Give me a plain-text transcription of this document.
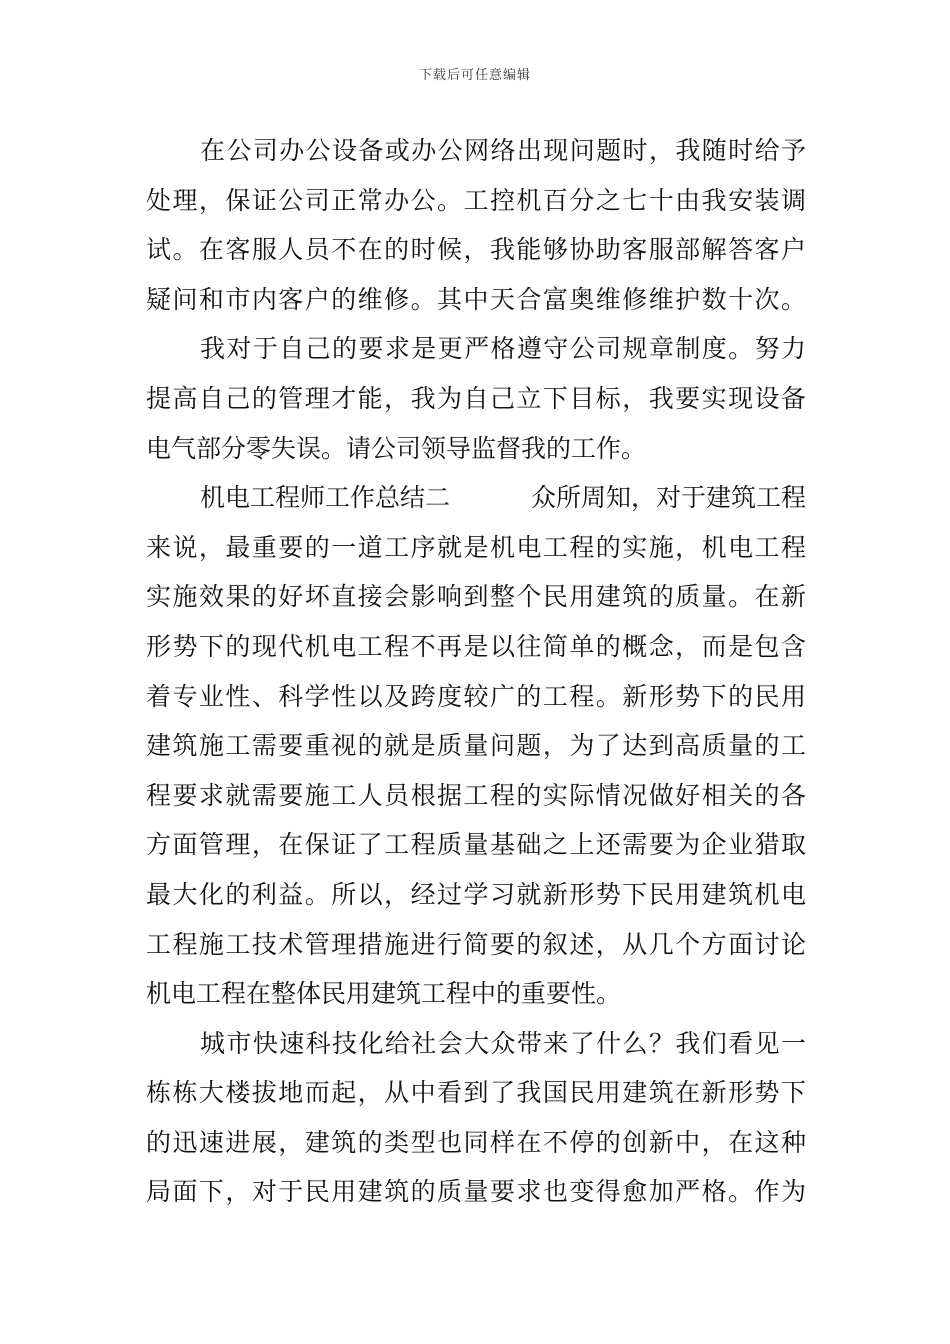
下载后可任意编辑
在公司办公设备或办公网络出现问题时，我随时给予
处理，保证公司正常办公。工控机百分之七十由我安装调
试。在客服人员不在的时候，我能够协助客服部解答客户
疑问和市内客户的维修。其中天合富奥维修维护数十次。
我对于自己的要求是更严格遵守公司规章制度。努力
提高自己的管理才能，我为自己立下目标，我要实现设备
电气部分零失误。请公司领导监督我的工作。
机电工程师工作总结二	众所周知，对于建筑工程
来说，最重要的一道工序就是机电工程的实施，机电工程
实施效果的好坏直接会影响到整个民用建筑的质量。在新
形势下的现代机电工程不再是以往简单的概念，而是包含
着专业性、科学性以及跨度较广的工程。新形势下的民用
建筑施工需要重视的就是质量问题，为了达到高质量的工
程要求就需要施工人员根据工程的实际情况做好相关的各
方面管理，在保证了工程质量基础之上还需要为企业猎取
最大化的利益。所以，经过学习就新形势下民用建筑机电
工程施工技术管理措施进行简要的叙述，从几个方面讨论
机电工程在整体民用建筑工程中的重要性。
城市快速科技化给社会大众带来了什么？我们看见一
栋栋大楼拔地而起，从中看到了我国民用建筑在新形势下
的迅速进展，建筑的类型也同样在不停的创新中，在这种
局面下，对于民用建筑的质量要求也变得愈加严格。作为
